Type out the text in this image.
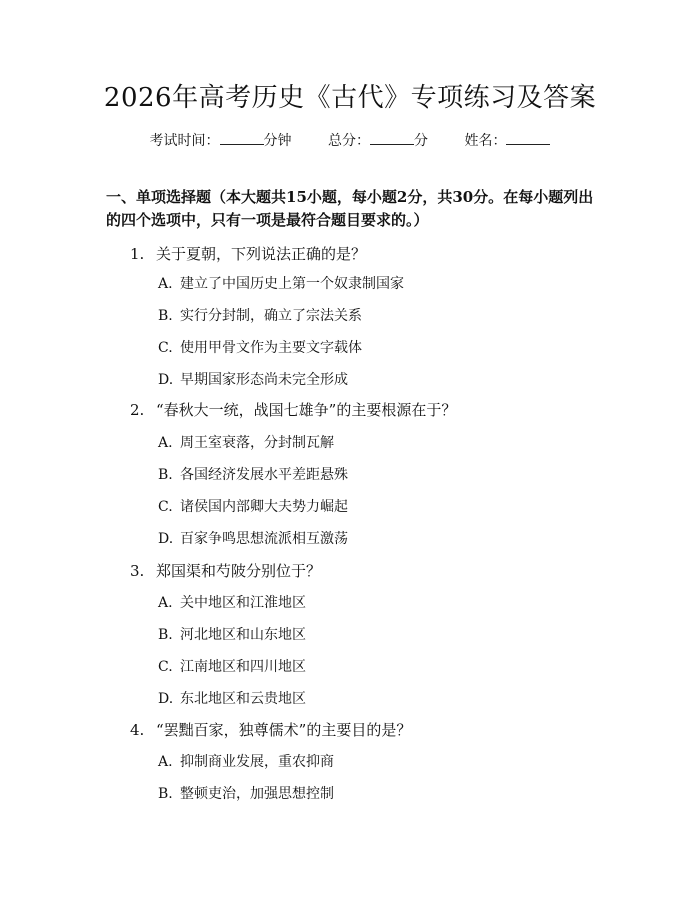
2026年高考历史《古代》专项练习及答案
考试时间：	分钟	总分：	分	姓名：
一、单项选择题（本大题共15小题，每小题2分，共30分。在每小题列出的四个选项中，只有一项是最符合题目要求的。）
1. 关于夏朝，下列说法正确的是？
A. 建立了中国历史上第一个奴隶制国家
B. 实行分封制，确立了宗法关系
C. 使用甲骨文作为主要文字载体
D. 早期国家形态尚未完全形成
2. “春秋大一统，战国七雄争”的主要根源在于？
A. 周王室衰落，分封制瓦解
B. 各国经济发展水平差距悬殊
C. 诸侯国内部卿大夫势力崛起
D. 百家争鸣思想流派相互激荡
3. 郑国渠和芍陂分别位于？
A. 关中地区和江淮地区
B. 河北地区和山东地区
C. 江南地区和四川地区
D. 东北地区和云贵地区
4. “罢黜百家，独尊儒术”的主要目的是？
A. 抑制商业发展，重农抑商
B. 整顿吏治，加强思想控制
